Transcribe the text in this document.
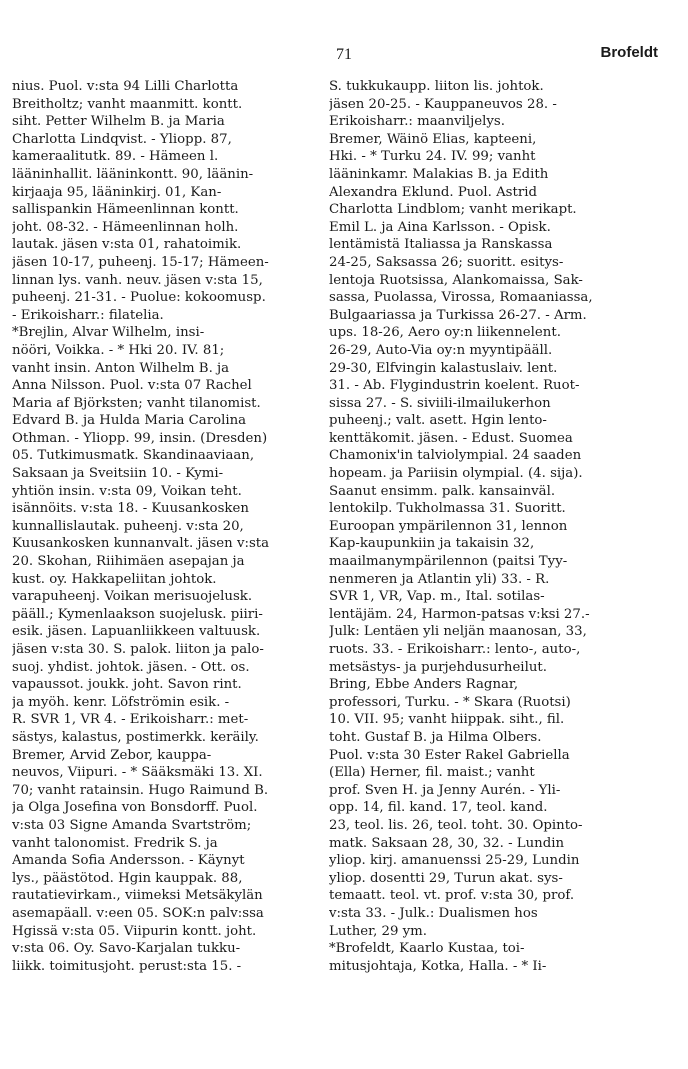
71	Brofeldt
nius. Puol. v:sta 94 Lilli Charlotta
Breitholtz; vanht maanmitt. kontt.
siht. Petter Wilhelm B. ja Maria
Charlotta Lindqvist. - Yliopp. 87,
kameraalitutk. 89. - Hämeen l.
lääninhallit. lääninkontt. 90, läänin-
kirjaaja 95, lääninkirj. 01, Kan-
sallispankin Hämeenlinnan kontt.
joht. 08-32. - Hämeenlinnan holh.
lautak. jäsen v:sta 01, rahatoimik.
jäsen 10-17, puheenj. 15-17; Hämeen-
linnan lys. vanh. neuv. jäsen v:sta 15,
puheenj. 21-31. - Puolue: kokoomusp.
- Erikoisharr.: filatelia.
*Brejlin, Alvar Wilhelm, insi-
nööri, Voikka. - * Hki 20. IV. 81;
vanht insin. Anton Wilhelm B. ja
Anna Nilsson. Puol. v:sta 07 Rachel
Maria af Björksten; vanht tilanomist.
Edvard B. ja Hulda Maria Carolina
Othman. - Yliopp. 99, insin. (Dresden)
05. Tutkimusmatk. Skandinaaviaan,
Saksaan ja Sveitsiin 10. - Kymi-
yhtiön insin. v:sta 09, Voikan teht.
isännöits. v:sta 18. - Kuusankosken
kunnallislautak. puheenj. v:sta 20,
Kuusankosken kunnanvalt. jäsen v:sta
20. Skohan, Riihimäen asepajan ja
kust. oy. Hakkapeliitan johtok.
varapuheenj. Voikan merisuojelusk.
pääll.; Kymenlaakson suojelusk. piiri-
esik. jäsen. Lapuanliikkeen valtuusk.
jäsen v:sta 30. S. palok. liiton ja palo-
suoj. yhdist. johtok. jäsen. - Ott. os.
vapaussot. joukk. joht. Savon rint.
ja myöh. kenr. Löfströmin esik. -
R. SVR 1, VR 4. - Erikoisharr.: met-
sästys, kalastus, postimerkk. keräily.
Bremer, Arvid Zebor, kauppa-
neuvos, Viipuri. - * Sääksmäki 13. XI.
70; vanht ratainsin. Hugo Raimund B.
ja Olga Josefina von Bonsdorff. Puol.
v:sta 03 Signe Amanda Svartström;
vanht talonomist. Fredrik S. ja
Amanda Sofia Andersson. - Käynyt
lys., päästötod. Hgin kauppak. 88,
rautatievirkam., viimeksi Metsäkylän
asemapäall. v:een 05. SOK:n palv:ssa
Hgissä v:sta 05. Viipurin kontt. joht.
v:sta 06. Oy. Savo-Karjalan tukku-
liikk. toimitusjoht. perust:sta 15. -
S. tukkukaupp. liiton lis. johtok.
jäsen 20-25. - Kauppaneuvos 28. -
Erikoisharr.: maanviljelys.
Bremer, Wäinö Elias, kapteeni,
Hki. - * Turku 24. IV. 99; vanht
lääninkamr. Malakias B. ja Edith
Alexandra Eklund. Puol. Astrid
Charlotta Lindblom; vanht merikapt.
Emil L. ja Aina Karlsson. - Opisk.
lentämistä Italiassa ja Ranskassa
24-25, Saksassa 26; suoritt. esitys-
lentoja Ruotsissa, Alankomaissa, Sak-
sassa, Puolassa, Virossa, Romaaniassa,
Bulgaariassa ja Turkissa 26-27. - Arm.
ups. 18-26, Aero oy:n liikennelent.
26-29, Auto-Via oy:n myyntipääll.
29-30, Elfvingin kalastuslaiv. lent.
31. - Ab. Flygindustrin koelent. Ruot-
sissa 27. - S. siviili-ilmailukerhon
puheenj.; valt. asett. Hgin lento-
kenttäkomit. jäsen. - Edust. Suomea
Chamonix'in talviolympial. 24 saaden
hopeam. ja Pariisin olympial. (4. sija).
Saanut ensimm. palk. kansainväl.
lentokilp. Tukholmassa 31. Suoritt.
Euroopan ympärilennon 31, lennon
Kap-kaupunkiin ja takaisin 32,
maailmanympärilennon (paitsi Tyy-
nenmeren ja Atlantin yli) 33. - R.
SVR 1, VR, Vap. m., Ital. sotilas-
lentäjäm. 24, Harmon-patsas v:ksi 27.-
Julk: Lentäen yli neljän maanosan, 33,
ruots. 33. - Erikoisharr.: lento-, auto-,
metsästys- ja purjehdusurheilut.
Bring, Ebbe Anders Ragnar,
professori, Turku. - * Skara (Ruotsi)
10. VII. 95; vanht hiippak. siht., fil.
toht. Gustaf B. ja Hilma Olbers.
Puol. v:sta 30 Ester Rakel Gabriella
(Ella) Herner, fil. maist.; vanht
prof. Sven H. ja Jenny Aurén. - Yli-
opp. 14, fil. kand. 17, teol. kand.
23, teol. lis. 26, teol. toht. 30. Opinto-
matk. Saksaan 28, 30, 32. - Lundin
yliop. kirj. amanuenssi 25-29, Lundin
yliop. dosentti 29, Turun akat. sys-
temaatt. teol. vt. prof. v:sta 30, prof.
v:sta 33. - Julk.: Dualismen hos
Luther, 29 ym.
*Brofeldt, Kaarlo Kustaa, toi-
mitusjohtaja, Kotka, Halla. - * Ii-
